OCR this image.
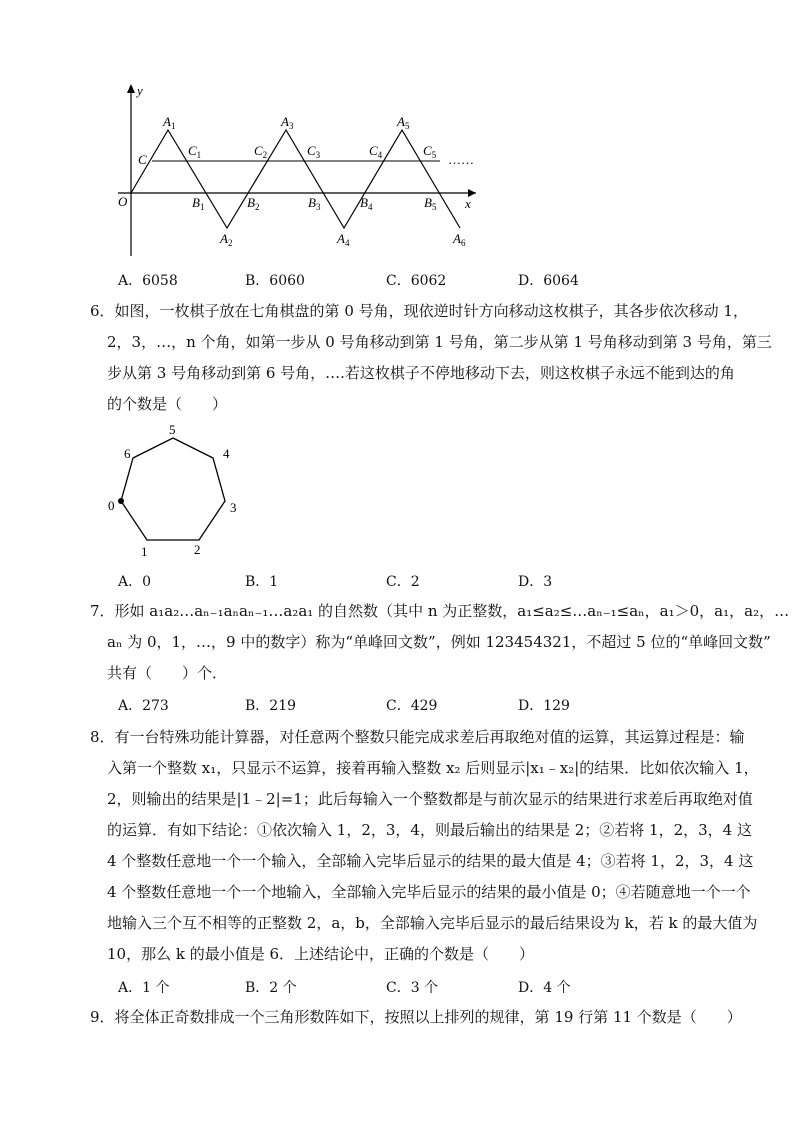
y
x
O
C
$A_1$
$A_2$
$A_3$
$A_4$
$A_5$
$A_6$
$C_1$	$C_2$	$C_3$	$C_4$	$C_5$ ……
$B_1$	$B_2$	$B_3$	$B_4$	$B_5$
A．6058	B．6060	C．6062	D．6064
6．如图，一枚棋子放在七角棋盘的第 0 号角，现依逆时针方向移动这枚棋子，其各步依次移动 1，
2，3，…，n 个角，如第一步从 0 号角移动到第 1 号角，第二步从第 1 号角移动到第 3 号角，第三
步从第 3 号角移动到第 6 号角，….若这枚棋子不停地移动下去，则这枚棋子永远不能到达的角
的个数是（　　）
0
1	2
3
4
5
6
A．0	B．1	C．2	D．3
7．形如 a₁a₂…aₙ₋₁aₙaₙ₋₁…a₂a₁ 的自然数（其中 n 为正整数，a₁≤a₂≤…aₙ₋₁≤aₙ，a₁＞0，a₁，a₂，…
aₙ 为 0，1，…，9 中的数字）称为“单峰回文数”，例如 123454321，不超过 5 位的“单峰回文数”
共有（　　）个．
A．273	B．219	C．429	D．129
8．有一台特殊功能计算器，对任意两个整数只能完成求差后再取绝对值的运算，其运算过程是：输
入第一个整数 x₁，只显示不运算，接着再输入整数 x₂ 后则显示|x₁﹣x₂|的结果．比如依次输入 1，
2，则输出的结果是|1﹣2|=1；此后每输入一个整数都是与前次显示的结果进行求差后再取绝对值
的运算．有如下结论：①依次输入 1，2，3，4，则最后输出的结果是 2；②若将 1，2，3，4 这
4 个整数任意地一个一个输入，全部输入完毕后显示的结果的最大值是 4；③若将 1，2，3，4 这
4 个整数任意地一个一个地输入，全部输入完毕后显示的结果的最小值是 0；④若随意地一个一个
地输入三个互不相等的正整数 2，a，b，全部输入完毕后显示的最后结果设为 k，若 k 的最大值为
10，那么 k 的最小值是 6．上述结论中，正确的个数是（　　）
A．1 个	B．2 个	C．3 个	D．4 个
9．将全体正奇数排成一个三角形数阵如下，按照以上排列的规律，第 19 行第 11 个数是（　　）
